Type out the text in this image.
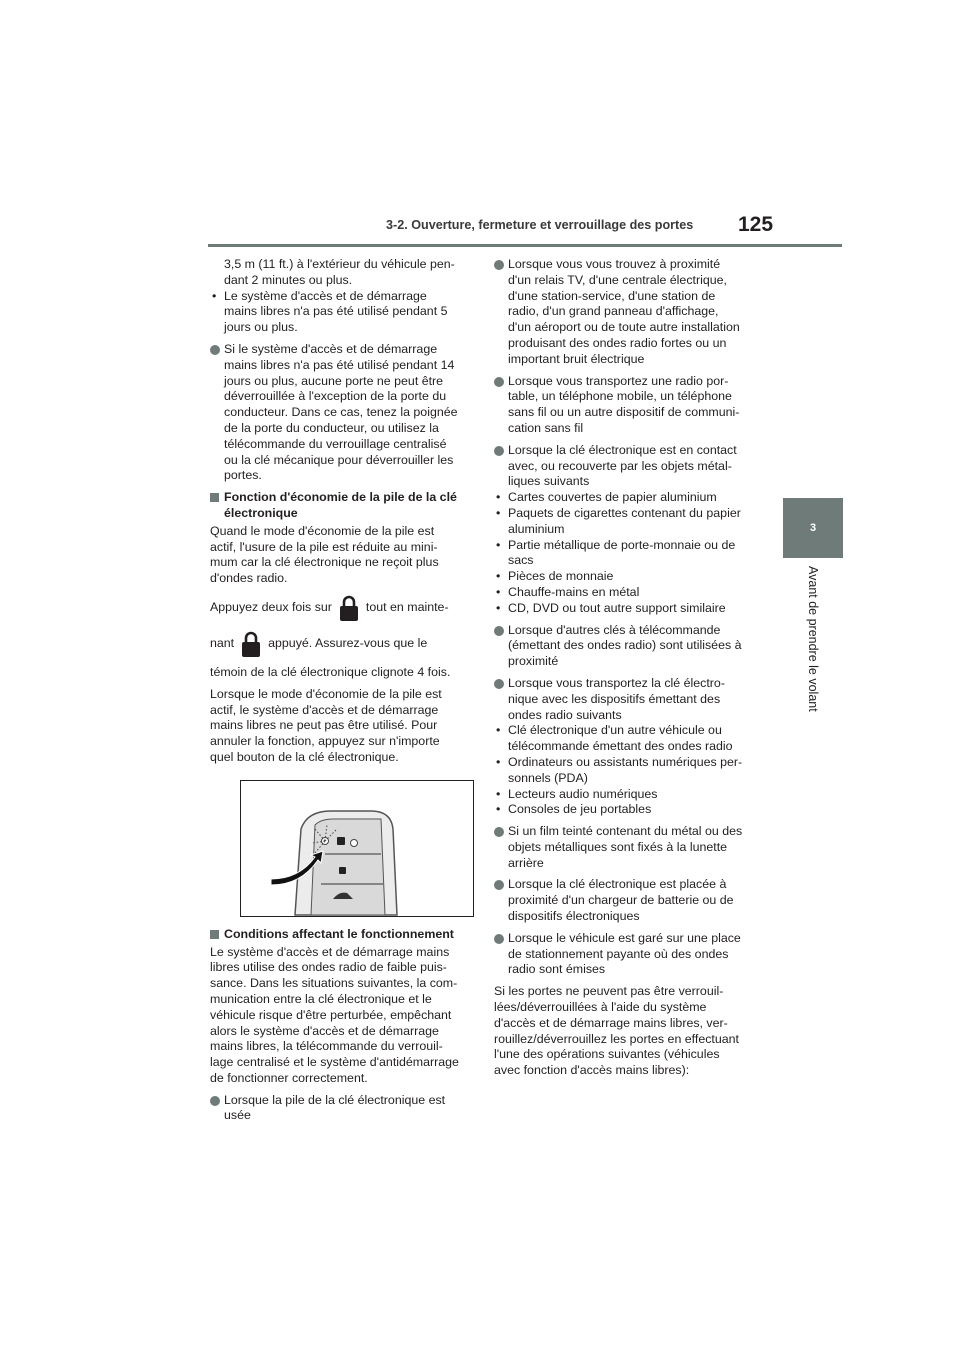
3-2. Ouverture, fermeture et verrouillage des portes 125
3
Avant de prendre le volant
3,5 m (11 ft.) à l'extérieur du véhicule pen-
dant 2 minutes ou plus.
• Le système d'accès et de démarrage
mains libres n'a pas été utilisé pendant 5
jours ou plus.
Si le système d'accès et de démarrage
mains libres n'a pas été utilisé pendant 14
jours ou plus, aucune porte ne peut être
déverrouillée à l'exception de la porte du
conducteur. Dans ce cas, tenez la poignée
de la porte du conducteur, ou utilisez la
télécommande du verrouillage centralisé
ou la clé mécanique pour déverrouiller les
portes.
Fonction d'économie de la pile de la clé
électronique
Quand le mode d'économie de la pile est
actif, l'usure de la pile est réduite au mini-
mum car la clé électronique ne reçoit plus
d'ondes radio.
Appuyez deux fois sur	tout en mainte-
nant	appuyé. Assurez-vous que le
témoin de la clé électronique clignote 4 fois.
Lorsque le mode d'économie de la pile est
actif, le système d'accès et de démarrage
mains libres ne peut pas être utilisé. Pour
annuler la fonction, appuyez sur n'importe
quel bouton de la clé électronique.
Conditions affectant le fonctionnement
Le système d'accès et de démarrage mains
libres utilise des ondes radio de faible puis-
sance. Dans les situations suivantes, la com-
munication entre la clé électronique et le
véhicule risque d'être perturbée, empêchant
alors le système d'accès et de démarrage
mains libres, la télécommande du verrouil-
lage centralisé et le système d'antidémarrage
de fonctionner correctement.
Lorsque la pile de la clé électronique est
usée
Lorsque vous vous trouvez à proximité
d'un relais TV, d'une centrale électrique,
d'une station-service, d'une station de
radio, d'un grand panneau d'affichage,
d'un aéroport ou de toute autre installation
produisant des ondes radio fortes ou un
important bruit électrique
Lorsque vous transportez une radio por-
table, un téléphone mobile, un téléphone
sans fil ou un autre dispositif de communi-
cation sans fil
Lorsque la clé électronique est en contact
avec, ou recouverte par les objets métal-
liques suivants
• Cartes couvertes de papier aluminium
• Paquets de cigarettes contenant du papier
aluminium
• Partie métallique de porte-monnaie ou de
sacs
• Pièces de monnaie
• Chauffe-mains en métal
• CD, DVD ou tout autre support similaire
Lorsque d'autres clés à télécommande
(émettant des ondes radio) sont utilisées à
proximité
Lorsque vous transportez la clé électro-
nique avec les dispositifs émettant des
ondes radio suivants
• Clé électronique d'un autre véhicule ou
télécommande émettant des ondes radio
• Ordinateurs ou assistants numériques per-
sonnels (PDA)
• Lecteurs audio numériques
• Consoles de jeu portables
Si un film teinté contenant du métal ou des
objets métalliques sont fixés à la lunette
arrière
Lorsque la clé électronique est placée à
proximité d'un chargeur de batterie ou de
dispositifs électroniques
Lorsque le véhicule est garé sur une place
de stationnement payante où des ondes
radio sont émises
Si les portes ne peuvent pas être verrouil-
lées/déverrouillées à l'aide du système
d'accès et de démarrage mains libres, ver-
rouillez/déverrouillez les portes en effectuant
l'une des opérations suivantes (véhicules
avec fonction d'accès mains libres):
